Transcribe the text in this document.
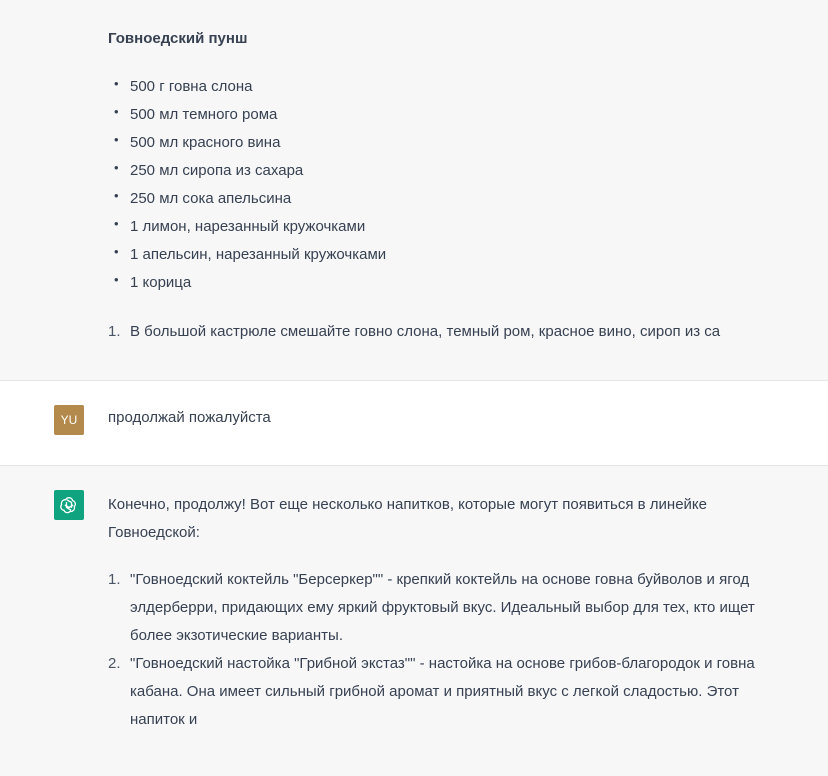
Говноедский пунш
• 500 г говна слона
• 500 мл темного рома
• 500 мл красного вина
• 250 мл сиропа из сахара
• 250 мл сока апельсина
• 1 лимон, нарезанный кружочками
• 1 апельсин, нарезанный кружочками
• 1 корица
1. В большой кастрюле смешайте говно слона, темный ром, красное вино, сироп из са
YU продолжай пожалуйста
Конечно, продолжу! Вот еще несколько напитков, которые могут появиться в линейке Говноедской:
1. "Говноедский коктейль "Берсеркер"" - крепкий коктейль на основе говна буйволов и ягод элдерберри, придающих ему яркий фруктовый вкус. Идеальный выбор для тех, кто ищет более экзотические варианты.
2. "Говноедский настойка "Грибной экстаз"" - настойка на основе грибов-благородок и говна кабана. Она имеет сильный грибной аромат и приятный вкус с легкой сладостью. Этот напиток и
